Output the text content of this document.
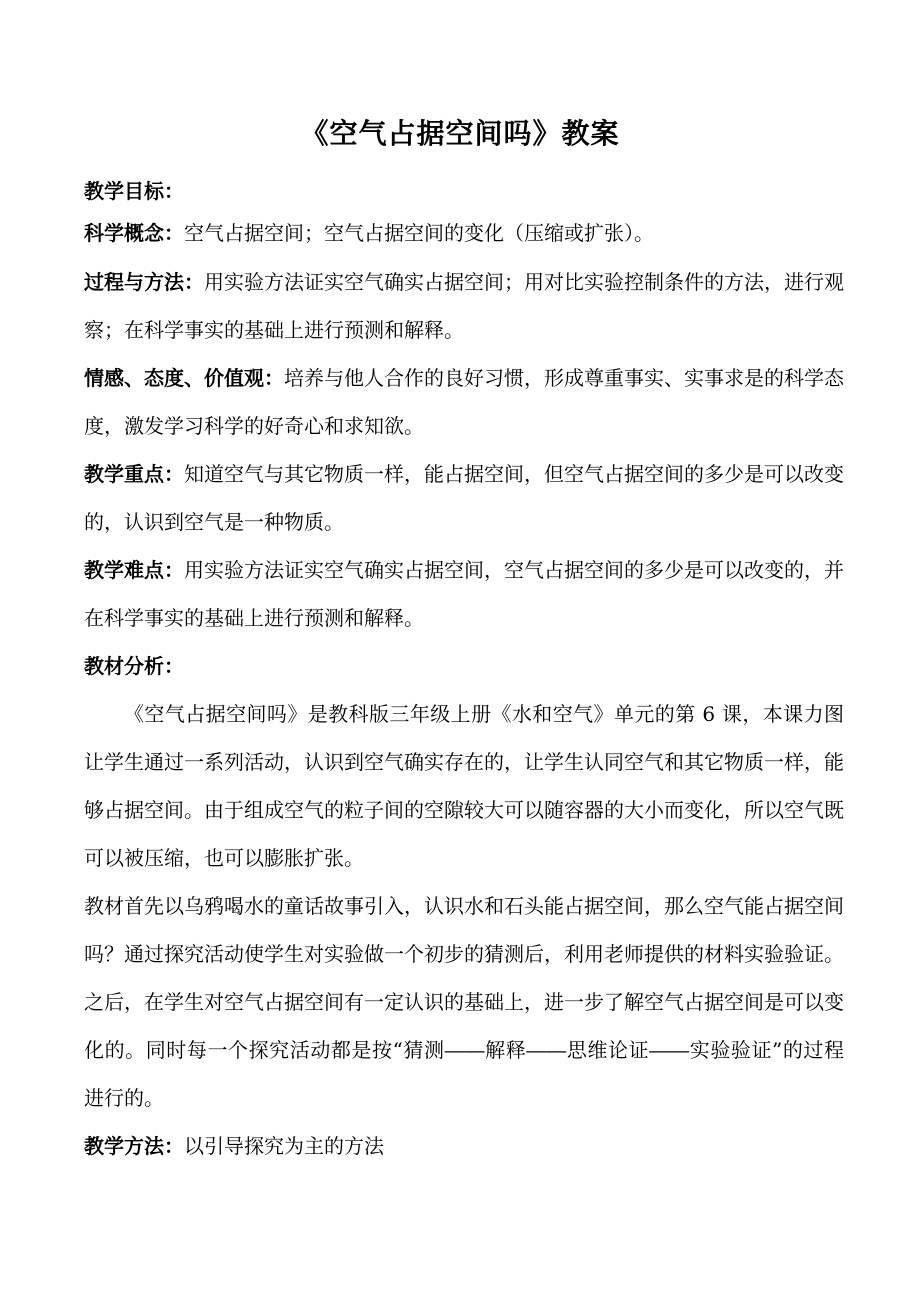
《空气占据空间吗》教案
教学目标：
科学概念：空气占据空间；空气占据空间的变化（压缩或扩张）。
过程与方法：用实验方法证实空气确实占据空间；用对比实验控制条件的方法，进行观察；在科学事实的基础上进行预测和解释。
情感、态度、价值观：培养与他人合作的良好习惯，形成尊重事实、实事求是的科学态度，激发学习科学的好奇心和求知欲。
教学重点：知道空气与其它物质一样，能占据空间，但空气占据空间的多少是可以改变的，认识到空气是一种物质。
教学难点：用实验方法证实空气确实占据空间，空气占据空间的多少是可以改变的，并在科学事实的基础上进行预测和解释。
教材分析：
《空气占据空间吗》是教科版三年级上册《水和空气》单元的第 6 课，本课力图让学生通过一系列活动，认识到空气确实存在的，让学生认同空气和其它物质一样，能够占据空间。由于组成空气的粒子间的空隙较大可以随容器的大小而变化，所以空气既可以被压缩，也可以膨胀扩张。
教材首先以乌鸦喝水的童话故事引入，认识水和石头能占据空间，那么空气能占据空间吗？通过探究活动使学生对实验做一个初步的猜测后，利用老师提供的材料实验验证。之后，在学生对空气占据空间有一定认识的基础上，进一步了解空气占据空间是可以变化的。同时每一个探究活动都是按“猜测――解释――思维论证――实验验证”的过程进行的。
教学方法：以引导探究为主的方法
